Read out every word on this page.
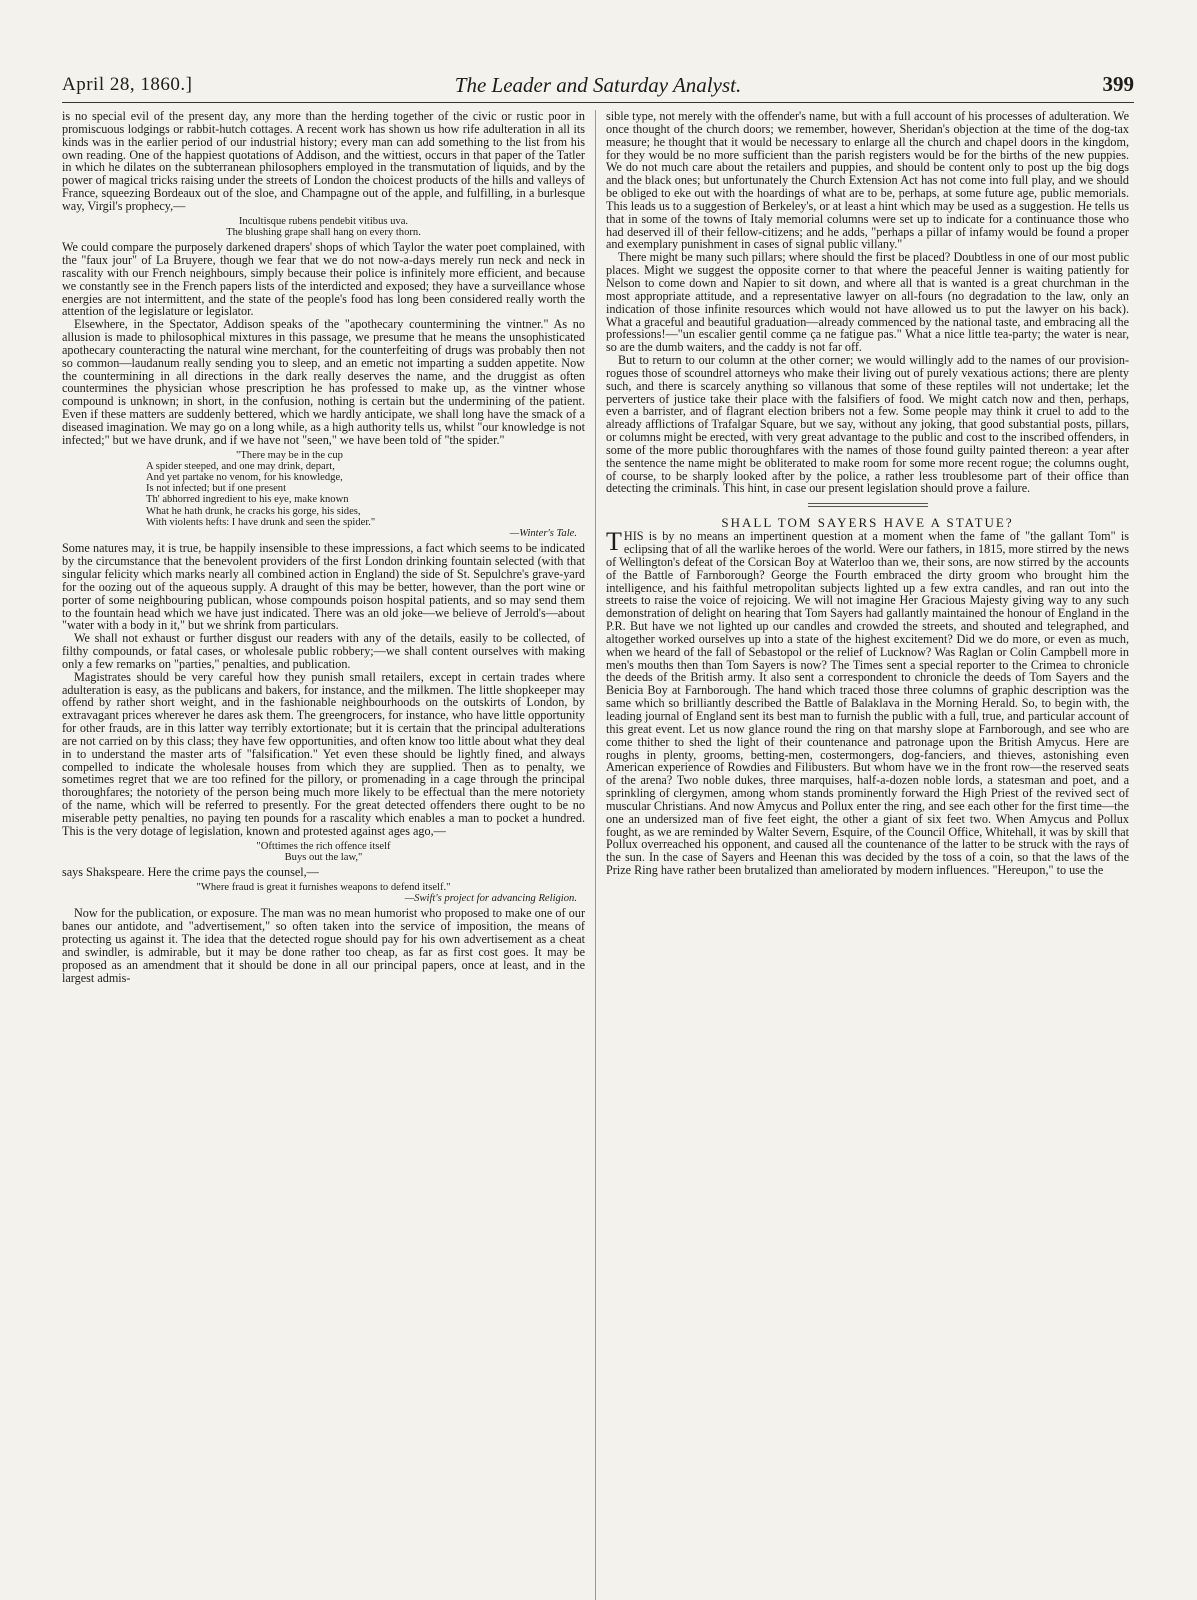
April 28, 1860.]	The Leader and Saturday Analyst.	399

is no special evil of the present day, any more than the herding together of the civic or rustic poor in promiscuous lodgings or rabbit-hutch cottages. A recent work has shown us how rife adulteration in all its kinds was in the earlier period of our industrial history; every man can add something to the list from his own reading. One of the happiest quotations of Addison, and the wittiest, occurs in that paper of the Tatler in which he dilates on the subterranean philosophers employed in the transmutation of liquids, and by the power of magical tricks raising under the streets of London the choicest products of the hills and valleys of France, squeezing Bordeaux out of the sloe, and Champagne out of the apple, and fulfilling, in a burlesque way, Virgil's prophecy,—

Incultisque rubens pendebit vitibus uva.
The blushing grape shall hang on every thorn.

We could compare the purposely darkened drapers' shops of which Taylor the water poet complained, with the "faux jour" of La Bruyere, though we fear that we do not now-a-days merely run neck and neck in rascality with our French neighbours, simply because their police is infinitely more efficient, and because we constantly see in the French papers lists of the interdicted and exposed; they have a surveillance whose energies are not intermittent, and the state of the people's food has long been considered really worth the attention of the legislature or legislator.

Elsewhere, in the Spectator, Addison speaks of the "apothecary countermining the vintner." As no allusion is made to philosophical mixtures in this passage, we presume that he means the unsophisticated apothecary counteracting the natural wine merchant, for the counterfeiting of drugs was probably then not so common—laudanum really sending you to sleep, and an emetic not imparting a sudden appetite. Now the countermining in all directions in the dark really deserves the name, and the druggist as often countermines the physician whose prescription he has professed to make up, as the vintner whose compound is unknown; in short, in the confusion, nothing is certain but the undermining of the patient. Even if these matters are suddenly bettered, which we hardly anticipate, we shall long have the smack of a diseased imagination. We may go on a long while, as a high authority tells us, whilst "our knowledge is not infected;" but we have drunk, and if we have not "seen," we have been told of "the spider."

"There may be in the cup
A spider steeped, and one may drink, depart,
And yet partake no venom, for his knowledge,
Is not infected; but if one present
Th' abhorred ingredient to his eye, make known
What he hath drunk, he cracks his gorge, his sides,
With violents hefts: I have drunk and seen the spider."
—Winter's Tale.

Some natures may, it is true, be happily insensible to these impressions, a fact which seems to be indicated by the circumstance that the benevolent providers of the first London drinking fountain selected (with that singular felicity which marks nearly all combined action in England) the side of St. Sepulchre's grave-yard for the oozing out of the aqueous supply. A draught of this may be better, however, than the port wine or porter of some neighbouring publican, whose compounds poison hospital patients, and so may send them to the fountain head which we have just indicated. There was an old joke—we believe of Jerrold's—about "water with a body in it," but we shrink from particulars.

We shall not exhaust or further disgust our readers with any of the details, easily to be collected, of filthy compounds, or fatal cases, or wholesale public robbery;—we shall content ourselves with making only a few remarks on "parties," penalties, and publication.

Magistrates should be very careful how they punish small retailers, except in certain trades where adulteration is easy, as the publicans and bakers, for instance, and the milkmen. The little shopkeeper may offend by rather short weight, and in the fashionable neighbourhoods on the outskirts of London, by extravagant prices wherever he dares ask them. The greengrocers, for instance, who have little opportunity for other frauds, are in this latter way terribly extortionate; but it is certain that the principal adulterations are not carried on by this class; they have few opportunities, and often know too little about what they deal in to understand the master arts of "falsification." Yet even these should be lightly fined, and always compelled to indicate the wholesale houses from which they are supplied. Then as to penalty, we sometimes regret that we are too refined for the pillory, or promenading in a cage through the principal thoroughfares; the notoriety of the person being much more likely to be effectual than the mere notoriety of the name, which will be referred to presently. For the great detected offenders there ought to be no miserable petty penalties, no paying ten pounds for a rascality which enables a man to pocket a hundred. This is the very dotage of legislation, known and protested against ages ago,—

"Ofttimes the rich offence itself
Buys out the law,"

says Shakspeare. Here the crime pays the counsel,—

"Where fraud is great it furnishes weapons to defend itself."
—Swift's project for advancing Religion.

Now for the publication, or exposure. The man was no mean humorist who proposed to make one of our banes our antidote, and "advertisement," so often taken into the service of imposition, the means of protecting us against it. The idea that the detected rogue should pay for his own advertisement as a cheat and swindler, is admirable, but it may be done rather too cheap, as far as first cost goes. It may be proposed as an amendment that it should be done in all our principal papers, once at least, and in the largest admis-

sible type, not merely with the offender's name, but with a full account of his processes of adulteration. We once thought of the church doors; we remember, however, Sheridan's objection at the time of the dog-tax measure; he thought that it would be necessary to enlarge all the church and chapel doors in the kingdom, for they would be no more sufficient than the parish registers would be for the births of the new puppies. We do not much care about the retailers and puppies, and should be content only to post up the big dogs and the black ones; but unfortunately the Church Extension Act has not come into full play, and we should be obliged to eke out with the hoardings of what are to be, perhaps, at some future age, public memorials. This leads us to a suggestion of Berkeley's, or at least a hint which may be used as a suggestion. He tells us that in some of the towns of Italy memorial columns were set up to indicate for a continuance those who had deserved ill of their fellow-citizens; and he adds, "perhaps a pillar of infamy would be found a proper and exemplary punishment in cases of signal public villany."

There might be many such pillars; where should the first be placed? Doubtless in one of our most public places. Might we suggest the opposite corner to that where the peaceful Jenner is waiting patiently for Nelson to come down and Napier to sit down, and where all that is wanted is a great churchman in the most appropriate attitude, and a representative lawyer on all-fours (no degradation to the law, only an indication of those infinite resources which would not have allowed us to put the lawyer on his back). What a graceful and beautiful graduation—already commenced by the national taste, and embracing all the professions!—"un escalier gentil comme ça ne fatigue pas." What a nice little tea-party; the water is near, so are the dumb waiters, and the caddy is not far off.

But to return to our column at the other corner; we would willingly add to the names of our provision-rogues those of scoundrel attorneys who make their living out of purely vexatious actions; there are plenty such, and there is scarcely anything so villanous that some of these reptiles will not undertake; let the perverters of justice take their place with the falsifiers of food. We might catch now and then, perhaps, even a barrister, and of flagrant election bribers not a few. Some people may think it cruel to add to the already afflictions of Trafalgar Square, but we say, without any joking, that good substantial posts, pillars, or columns might be erected, with very great advantage to the public and cost to the inscribed offenders, in some of the more public thoroughfares with the names of those found guilty painted thereon: a year after the sentence the name might be obliterated to make room for some more recent rogue; the columns ought, of course, to be sharply looked after by the police, a rather less troublesome part of their office than detecting the criminals. This hint, in case our present legislation should prove a failure.

SHALL TOM SAYERS HAVE A STATUE?

THIS is by no means an impertinent question at a moment when the fame of "the gallant Tom" is eclipsing that of all the warlike heroes of the world. Were our fathers, in 1815, more stirred by the news of Wellington's defeat of the Corsican Boy at Waterloo than we, their sons, are now stirred by the accounts of the Battle of Farnborough? George the Fourth embraced the dirty groom who brought him the intelligence, and his faithful metropolitan subjects lighted up a few extra candles, and ran out into the streets to raise the voice of rejoicing. We will not imagine Her Gracious Majesty giving way to any such demonstration of delight on hearing that Tom Sayers had gallantly maintained the honour of England in the P.R. But have we not lighted up our candles and crowded the streets, and shouted and telegraphed, and altogether worked ourselves up into a state of the highest excitement? Did we do more, or even as much, when we heard of the fall of Sebastopol or the relief of Lucknow? Was Raglan or Colin Campbell more in men's mouths then than Tom Sayers is now? The Times sent a special reporter to the Crimea to chronicle the deeds of the British army. It also sent a correspondent to chronicle the deeds of Tom Sayers and the Benicia Boy at Farnborough. The hand which traced those three columns of graphic description was the same which so brilliantly described the Battle of Balaklava in the Morning Herald. So, to begin with, the leading journal of England sent its best man to furnish the public with a full, true, and particular account of this great event. Let us now glance round the ring on that marshy slope at Farnborough, and see who are come thither to shed the light of their countenance and patronage upon the British Amycus. Here are roughs in plenty, grooms, betting-men, costermongers, dog-fanciers, and thieves, astonishing even American experience of Rowdies and Filibusters. But whom have we in the front row—the reserved seats of the arena? Two noble dukes, three marquises, half-a-dozen noble lords, a statesman and poet, and a sprinkling of clergymen, among whom stands prominently forward the High Priest of the revived sect of muscular Christians. And now Amycus and Pollux enter the ring, and see each other for the first time—the one an undersized man of five feet eight, the other a giant of six feet two. When Amycus and Pollux fought, as we are reminded by Walter Severn, Esquire, of the Council Office, Whitehall, it was by skill that Pollux overreached his opponent, and caused all the countenance of the latter to be struck with the rays of the sun. In the case of Sayers and Heenan this was decided by the toss of a coin, so that the laws of the Prize Ring have rather been brutalized than ameliorated by modern influences. "Hereupon," to use the
